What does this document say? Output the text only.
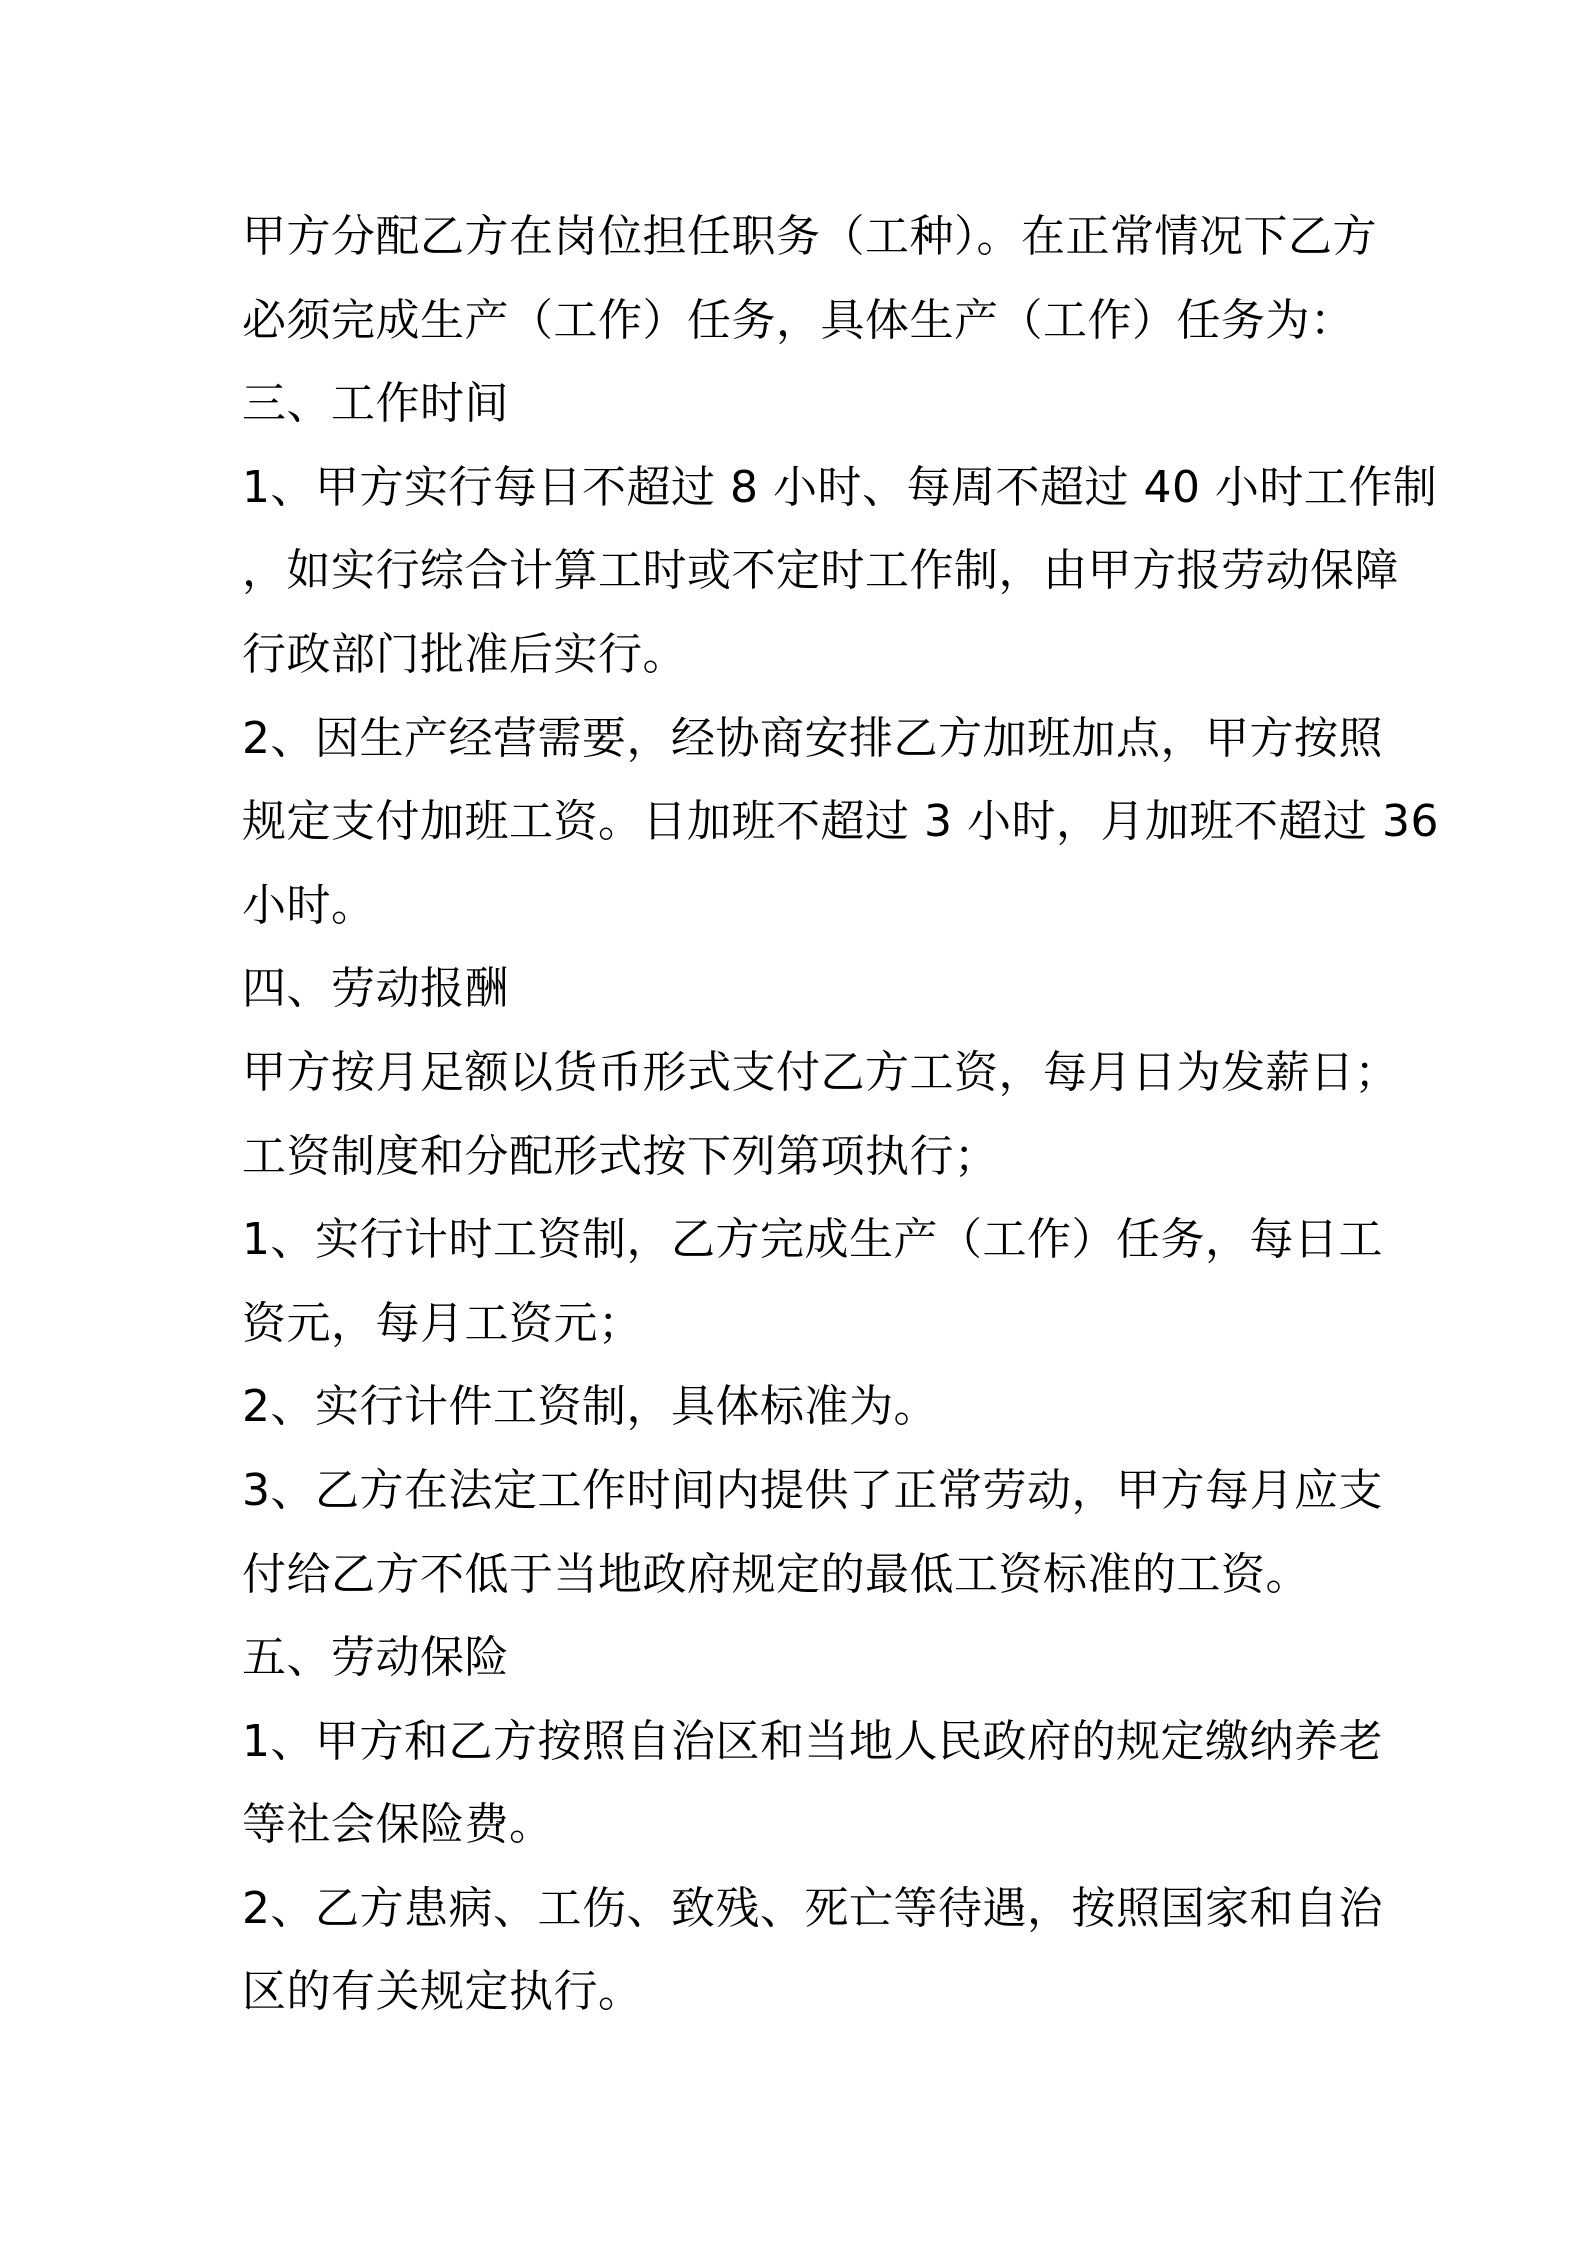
甲方分配乙方在岗位担任职务（工种）。在正常情况下乙方
必须完成生产（工作）任务，具体生产（工作）任务为：
三、工作时间
1、甲方实行每日不超过 8 小时、每周不超过 40 小时工作制
，如实行综合计算工时或不定时工作制，由甲方报劳动保障
行政部门批准后实行。
2、因生产经营需要，经协商安排乙方加班加点，甲方按照
规定支付加班工资。日加班不超过 3 小时，月加班不超过 36
小时。
四、劳动报酬
甲方按月足额以货币形式支付乙方工资，每月日为发薪日；
工资制度和分配形式按下列第项执行；
1、实行计时工资制，乙方完成生产（工作）任务，每日工
资元，每月工资元；
2、实行计件工资制，具体标准为。
3、乙方在法定工作时间内提供了正常劳动，甲方每月应支
付给乙方不低于当地政府规定的最低工资标准的工资。
五、劳动保险
1、甲方和乙方按照自治区和当地人民政府的规定缴纳养老
等社会保险费。
2、乙方患病、工伤、致残、死亡等待遇，按照国家和自治
区的有关规定执行。
